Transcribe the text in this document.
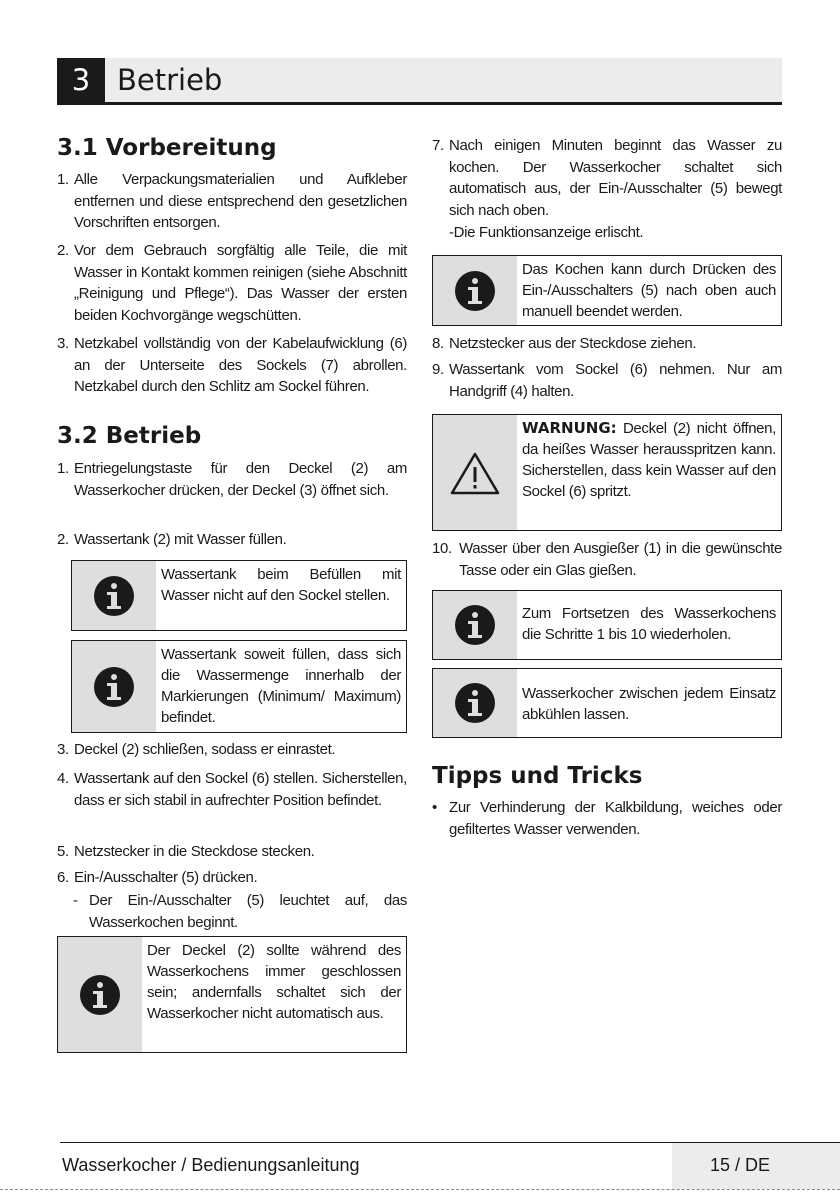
3 Betrieb
3.1 Vorbereitung

1. Alle Verpackungsmaterialien und Aufkleber entfernen und diese entsprechend den gesetzlichen Vorschriften entsorgen.

2. Vor dem Gebrauch sorgfältig alle Teile, die mit Wasser in Kontakt kommen reinigen (siehe Abschnitt „Reinigung und Pflege“). Das Wasser der ersten beiden Kochvorgänge wegschütten.

3. Netzkabel vollständig von der Kabelaufwicklung (6) an der Unterseite des Sockels (7) abrollen. Netzkabel durch den Schlitz am Sockel führen.

3.2 Betrieb

1. Entriegelungstaste für den Deckel (2) am Wasserkocher drücken, der Deckel (3) öffnet sich.

2. Wassertank (2) mit Wasser füllen.

Wassertank beim Befüllen mit Wasser nicht auf den Sockel stellen.
Wassertank soweit füllen, dass sich die Wassermenge innerhalb der Markierungen (Minimum/ Maximum) befindet.

3. Deckel (2) schließen, sodass er einrastet.

4. Wassertank auf den Sockel (6) stellen. Sicherstellen, dass er sich stabil in aufrechter Position befindet.

5. Netzstecker in die Steckdose stecken.

6. Ein-/Ausschalter (5) drücken.

- Der Ein-/Ausschalter (5) leuchtet auf, das Wasserkochen beginnt.

Der Deckel (2) sollte während des Wasserkochens immer geschlossen sein; andernfalls schaltet sich der Wasserkocher nicht automatisch aus.

7. Nach einigen Minuten beginnt das Wasser zu kochen. Der Wasserkocher schaltet sich automatisch aus, der Ein-/Ausschalter (5) bewegt sich nach oben.

-Die Funktionsanzeige erlischt.

Das Kochen kann durch Drücken des Ein-/Ausschalters (5) nach oben auch manuell beendet werden.

8. Netzstecker aus der Steckdose ziehen.

9. Wassertank vom Sockel (6) nehmen. Nur am Handgriff (4) halten.

WARNUNG: Deckel (2) nicht öffnen, da heißes Wasser herausspritzen kann. Sicherstellen, dass kein Wasser auf den Sockel (6) spritzt.

10. Wasser über den Ausgießer (1) in die gewünschte Tasse oder ein Glas gießen.

Zum Fortsetzen des Wasserkochens die Schritte 1 bis 10 wiederholen.
Wasserkocher zwischen jedem Einsatz abkühlen lassen.
Tipps und Tricks

• Zur Verhinderung der Kalkbildung, weiches oder gefiltertes Wasser verwenden.

Wasserkocher / Bedienungsanleitung	15 / DE
